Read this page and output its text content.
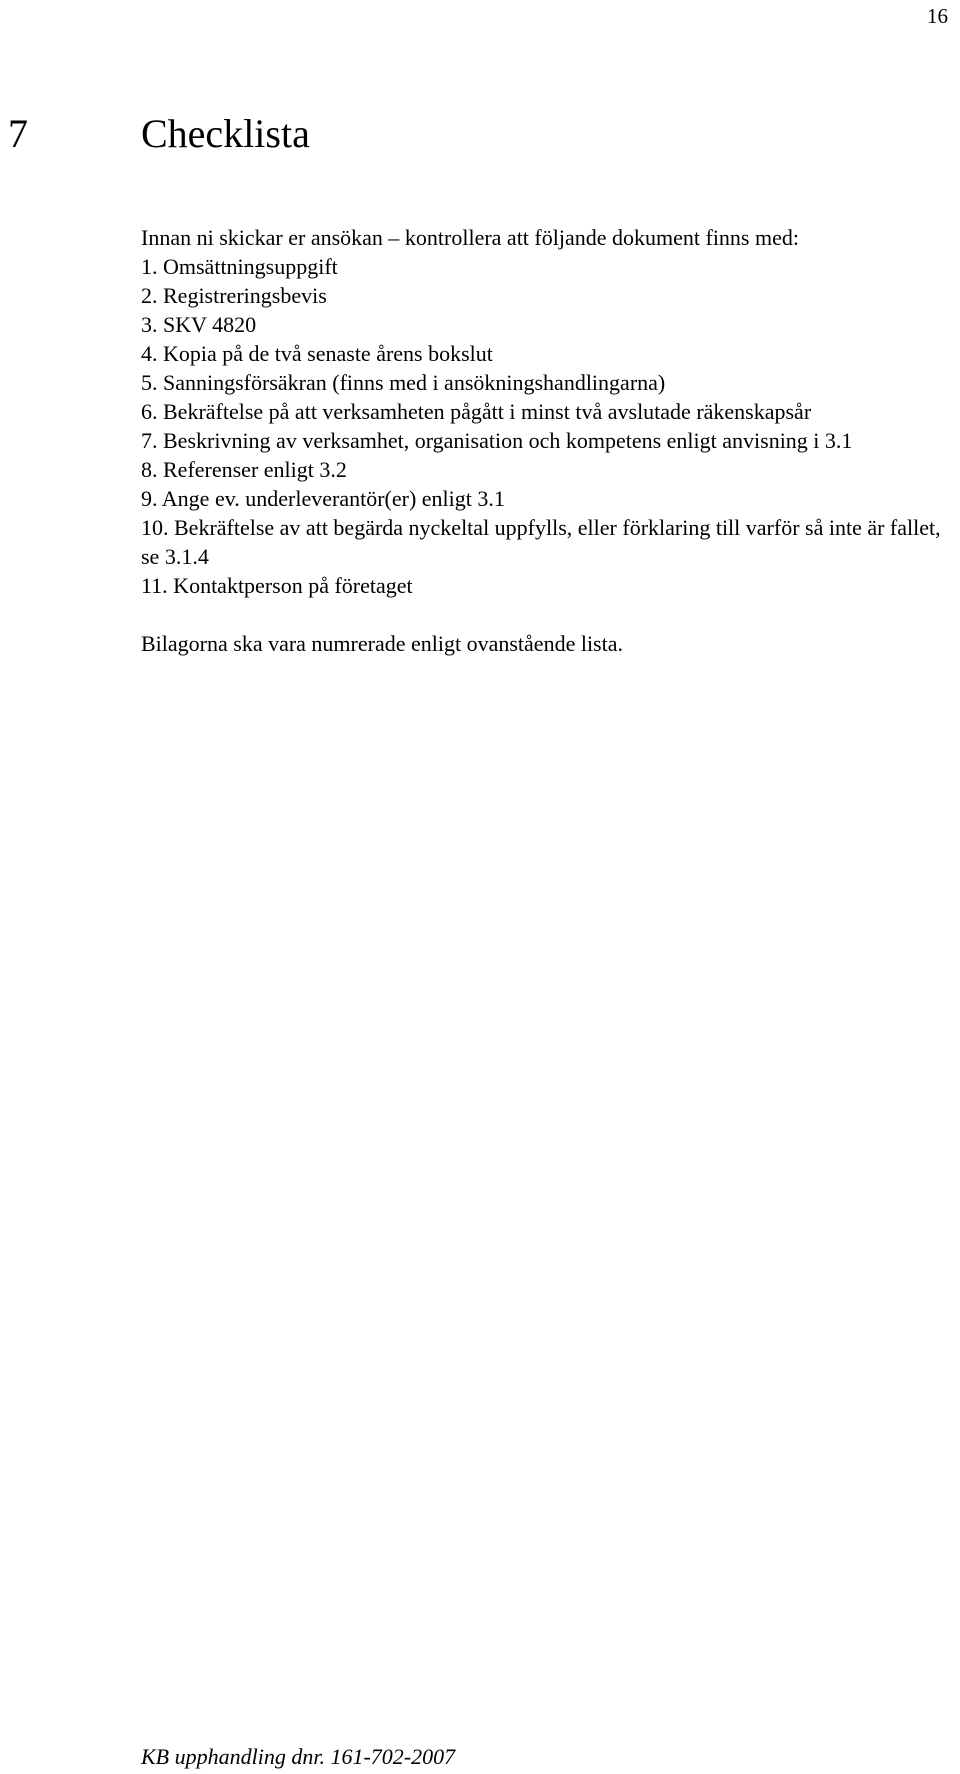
16
7	Checklista

Innan ni skickar er ansökan – kontrollera att följande dokument finns med:

1. Omsättningsuppgift
2. Registreringsbevis
3. SKV 4820
4. Kopia på de två senaste årens bokslut
5. Sanningsförsäkran (finns med i ansökningshandlingarna)
6. Bekräftelse på att verksamheten pågått i minst två avslutade räkenskapsår
7. Beskrivning av verksamhet, organisation och kompetens enligt anvisning i 3.1
8. Referenser enligt 3.2
9. Ange ev. underleverantör(er) enligt 3.1
10. Bekräftelse av att begärda nyckeltal uppfylls, eller förklaring till varför så inte är fallet, se 3.1.4
11. Kontaktperson på företaget

Bilagorna ska vara numrerade enligt ovanstående lista.

KB upphandling dnr. 161-702-2007
